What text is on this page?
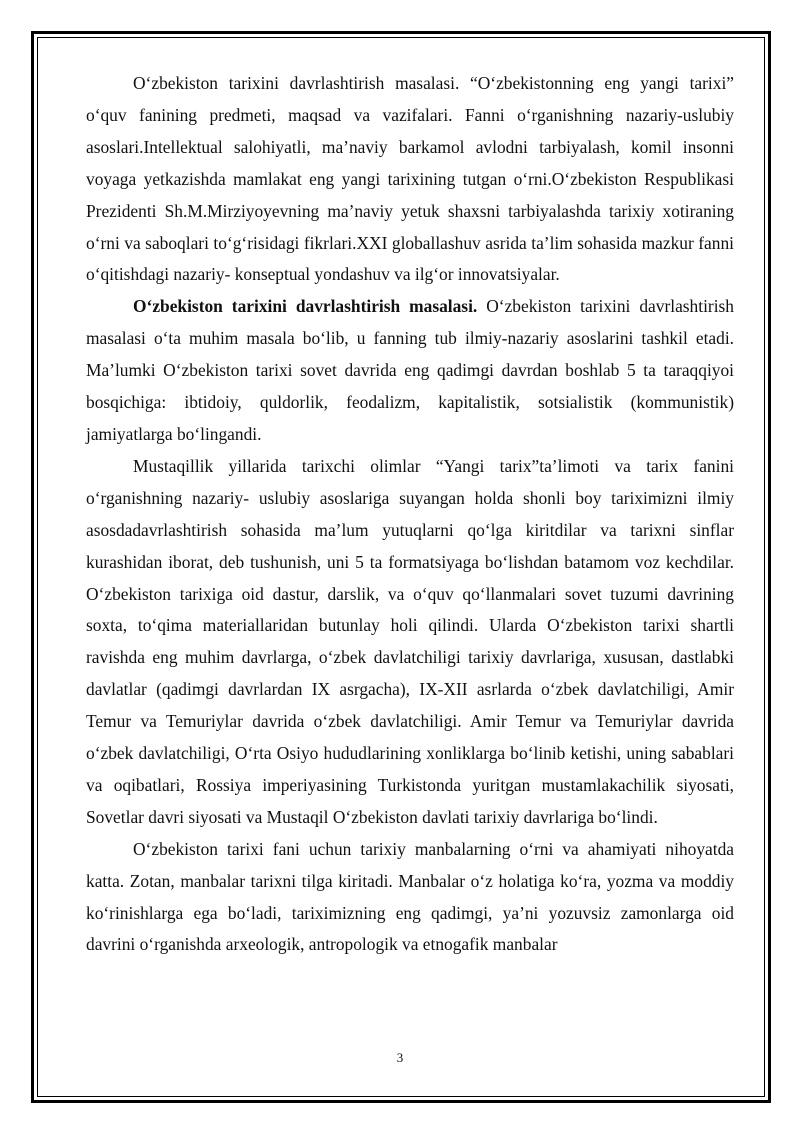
O‘zbekiston tarixini davrlashtirish masalasi. “O‘zbekistonning eng yangi tarixi” o‘quv fanining predmeti, maqsad va vazifalari. Fanni o‘rganishning nazariy-uslubiy asoslari.Intellektual salohiyatli, ma’naviy barkamol avlodni tarbiyalash, komil insonni voyaga yetkazishda mamlakat eng yangi tarixining tutgan o‘rni.O‘zbekiston Respublikasi Prezidenti Sh.M.Mirziyoyevning ma’naviy yetuk shaxsni tarbiyalashda tarixiy xotiraning o‘rni va saboqlari to‘g‘risidagi fikrlari.XXI globallashuv asrida ta’lim sohasida mazkur fanni o‘qitishdagi nazariy- konseptual yondashuv va ilg‘or innovatsiyalar.

O‘zbekiston tarixini davrlashtirish masalasi. O‘zbekiston tarixini davrlashtirish masalasi o‘ta muhim masala bo‘lib, u fanning tub ilmiy-nazariy asoslarini tashkil etadi. Ma’lumki O‘zbekiston tarixi sovet davrida eng qadimgi davrdan boshlab 5 ta taraqqiyoi bosqichiga: ibtidoiy, quldorlik, feodalizm, kapitalistik, sotsialistik (kommunistik) jamiyatlarga bo‘lingandi.

Mustaqillik yillarida tarixchi olimlar “Yangi tarix”ta’limoti va tarix fanini o‘rganishning nazariy- uslubiy asoslariga suyangan holda shonli boy tariximizni ilmiy asosdadavrlashtirish sohasida ma’lum yutuqlarni qo‘lga kiritdilar va tarixni sinflar kurashidan iborat, deb tushunish, uni 5 ta formatsiyaga bo‘lishdan batamom voz kechdilar. O‘zbekiston tarixiga oid dastur, darslik, va o‘quv qo‘llanmalari sovet tuzumi davrining soxta, to‘qima materiallaridan butunlay holi qilindi. Ularda O‘zbekiston tarixi shartli ravishda eng muhim davrlarga, o‘zbek davlatchiligi tarixiy davrlariga, xususan, dastlabki davlatlar (qadimgi davrlardan IX asrgacha), IX-XII asrlarda o‘zbek davlatchiligi, Amir Temur va Temuriylar davrida o‘zbek davlatchiligi. Amir Temur va Temuriylar davrida o‘zbek davlatchiligi, O‘rta Osiyo hududlarining xonliklarga bo‘linib ketishi, uning sabablari va oqibatlari, Rossiya imperiyasining Turkistonda yuritgan mustamlakachilik siyosati, Sovetlar davri siyosati va Mustaqil O‘zbekiston davlati tarixiy davrlariga bo‘lindi.

O‘zbekiston tarixi fani uchun tarixiy manbalarning o‘rni va ahamiyati nihoyatda katta. Zotan, manbalar tarixni tilga kiritadi. Manbalar o‘z holatiga ko‘ra, yozma va moddiy ko‘rinishlarga ega bo‘ladi, tariximizning eng qadimgi, ya’ni yozuvsiz zamonlarga oid davrini o‘rganishda arxeologik, antropologik va etnogafik manbalar

3
